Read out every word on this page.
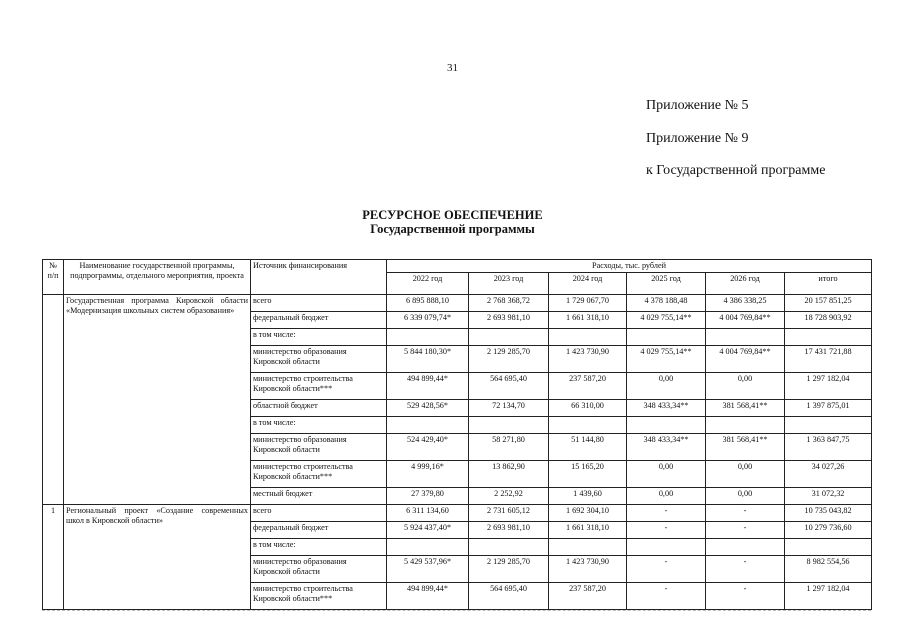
31
Приложение № 5
Приложение № 9
к Государственной программе
РЕСУРСНОЕ ОБЕСПЕЧЕНИЕ
Государственной программы
№ п/п	Наименование государственной программы, подпрограммы, отдельного мероприятия, проекта	Источник финансирования	Расходы, тыс. рублей					
			2022 год	2023 год	2024 год	2025 год	2026 год	итого
	Государственная программа Кировской области «Модернизация школьных систем образования»	всего	6 895 888,10	2 768 368,72	1 729 067,70	4 378 188,48	4 386 338,25	20 157 851,25
		федеральный бюджет	6 339 079,74*	2 693 981,10	1 661 318,10	4 029 755,14**	4 004 769,84**	18 728 903,92
		в том числе:						
		министерство образования Кировской области	5 844 180,30*	2 129 285,70	1 423 730,90	4 029 755,14**	4 004 769,84**	17 431 721,88
		министерство строительства Кировской области***	494 899,44*	564 695,40	237 587,20	0,00	0,00	1 297 182,04
		областной бюджет	529 428,56*	72 134,70	66 310,00	348 433,34**	381 568,41**	1 397 875,01
		в том числе:						
		министерство образования Кировской области	524 429,40*	58 271,80	51 144,80	348 433,34**	381 568,41**	1 363 847,75
		министерство строительства Кировской области***	4 999,16*	13 862,90	15 165,20	0,00	0,00	34 027,26
		местный бюджет	27 379,80	2 252,92	1 439,60	0,00	0,00	31 072,32
1	Региональный проект «Создание современных школ в Кировской области»	всего	6 311 134,60	2 731 605,12	1 692 304,10	-	-	10 735 043,82
		федеральный бюджет	5 924 437,40*	2 693 981,10	1 661 318,10	-	-	10 279 736,60
		в том числе:						
		министерство образования Кировской области	5 429 537,96*	2 129 285,70	1 423 730,90	-	-	8 982 554,56
		министерство строительства Кировской области***	494 899,44*	564 695,40	237 587,20	-	-	1 297 182,04
